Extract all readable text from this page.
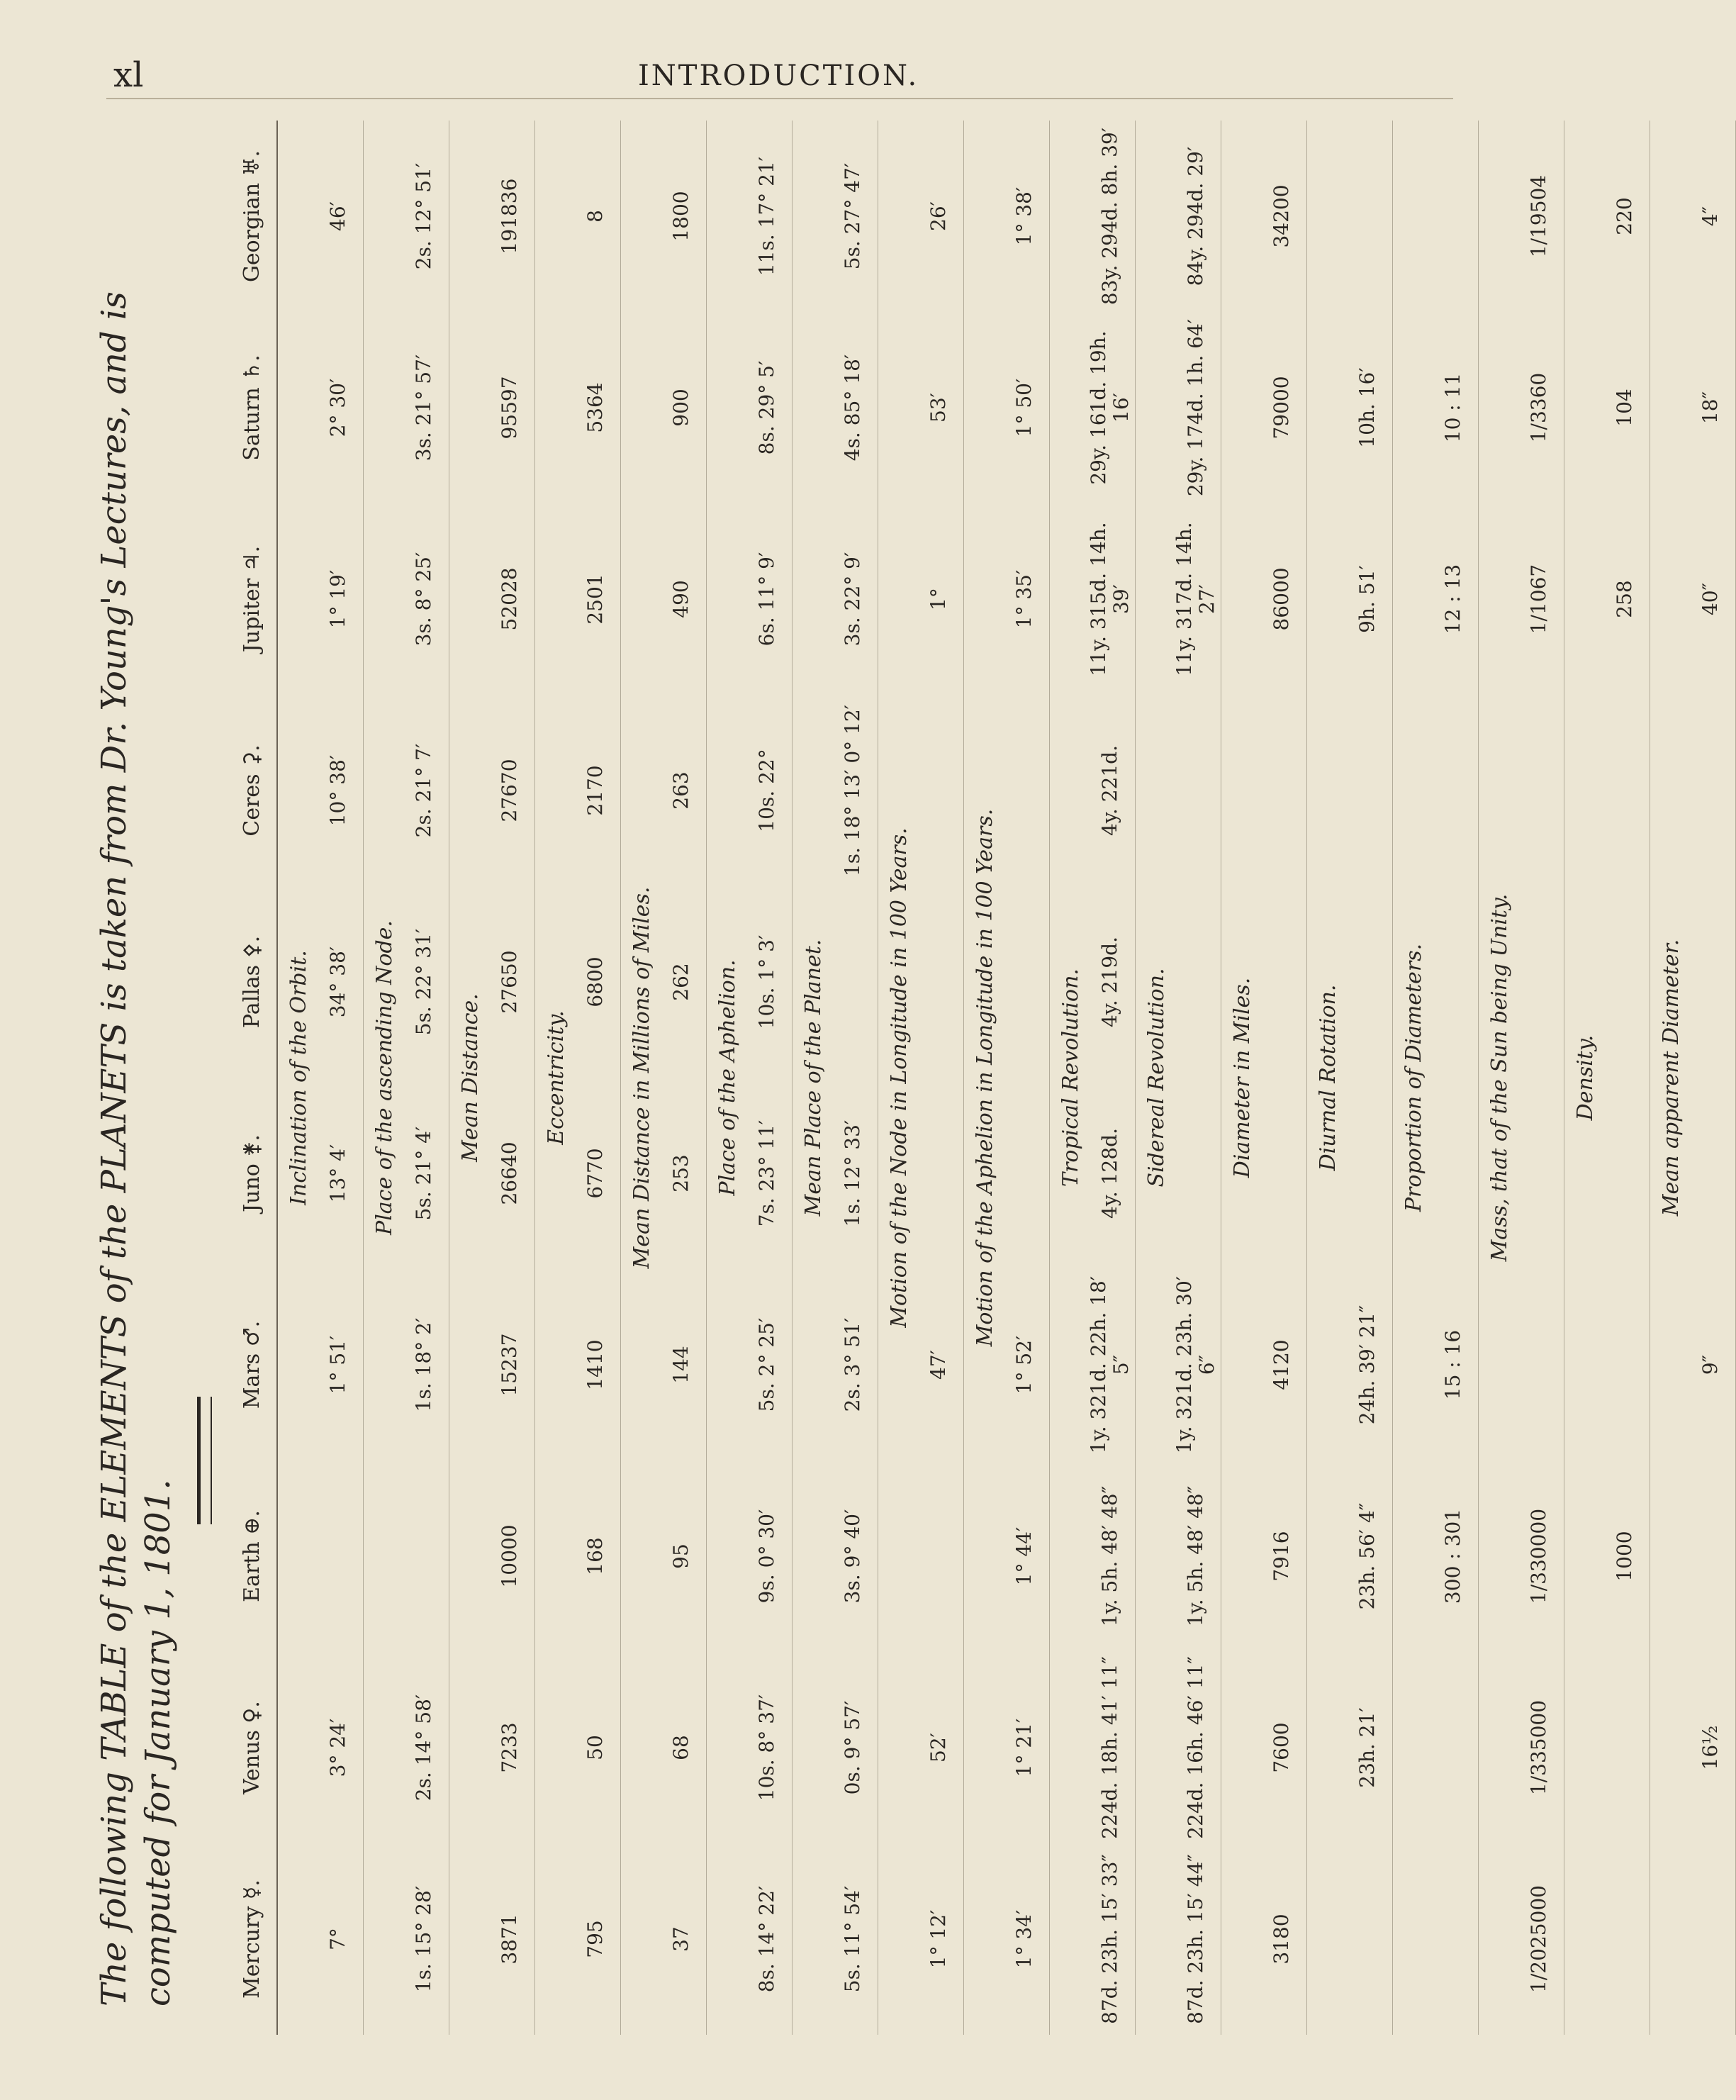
xl	INTRODUCTION.
The following TABLE of the ELEMENTS of the PLANETS is taken from Dr. Young's Lectures, and is computed for January 1, 1801.	Mercury ☿.
Venus ♀.
Earth ⊕.
Mars ♂.
Juno ⚵.
Pallas ⚴.
Ceres ⚳.
Jupiter ♃.
Saturn ♄.
Georgian ♅.
Inclination of the Orbit.
7°
3° 24′
1° 51′
13° 4′
34° 38′
10° 38′
1° 19′
2° 30′
46′
Place of the ascending Node.
1s. 15° 28′
2s. 14° 58′
1s. 18° 2′
5s. 21° 4′
5s. 22° 31′
2s. 21° 7′
3s. 8° 25′
3s. 21° 57′
2s. 12° 51′
Mean Distance.
3871
7233
10000
15237
26640
27650
27670
52028
95597
191836
Eccentricity.
795
50
168
1410
6770
6800
2170
2501
5364
8
Mean Distance in Millions of Miles.
37
68
95
144
253
262
263
490
900
1800
Place of the Aphelion.
8s. 14° 22′
10s. 8° 37′
9s. 0° 30′
5s. 2° 25′
7s. 23° 11′
10s. 1° 3′
10s. 22°
6s. 11° 9′
8s. 29° 5′
11s. 17° 21′
Mean Place of the Planet.
5s. 11° 54′
0s. 9° 57′
3s. 9° 40′
2s. 3° 51′
1s. 12° 33′
1s. 18° 13′ 0° 12′
3s. 22° 9′
4s. 85° 18′
5s. 27° 47′
Motion of the Node in Longitude in 100 Years.
1° 12′
52′
47′
1°
53′
26′
Motion of the Aphelion in Longitude in 100 Years.
1° 34′
1° 21′
1° 44′
1° 52′
1° 35′
1° 50′
1° 38′
Tropical Revolution.
87d. 23h. 15′ 33″
224d. 18h. 41′ 11″
1y. 5h. 48′ 48″
1y. 321d. 22h. 18′ 5″
4y. 128d.
4y. 219d.
4y. 221d.
11y. 315d. 14h. 39′
29y. 161d. 19h. 16′
83y. 294d. 8h. 39′
Sidereal Revolution.
87d. 23h. 15′ 44″
224d. 16h. 46′ 11″
1y. 5h. 48′ 48″
1y. 321d. 23h. 30′ 6″
11y. 317d. 14h. 27′
29y. 174d. 1h. 64′
84y. 294d. 29′
Diameter in Miles.
3180
7600
7916
4120
86000
79000
34200
Diurnal Rotation.
23h. 21′
23h. 56′ 4″
24h. 39′ 21″
9h. 51′
10h. 16′
Proportion of Diameters.
300 : 301
15 : 16
12 : 13
10 : 11
Mass, that of the Sun being Unity.
1/2025000
1/335000
1/330000
1/1067
1/3360
1/19504
Density.
1000
258
104
220
Mean apparent Diameter.
16½
9″
40″
18″
4″
